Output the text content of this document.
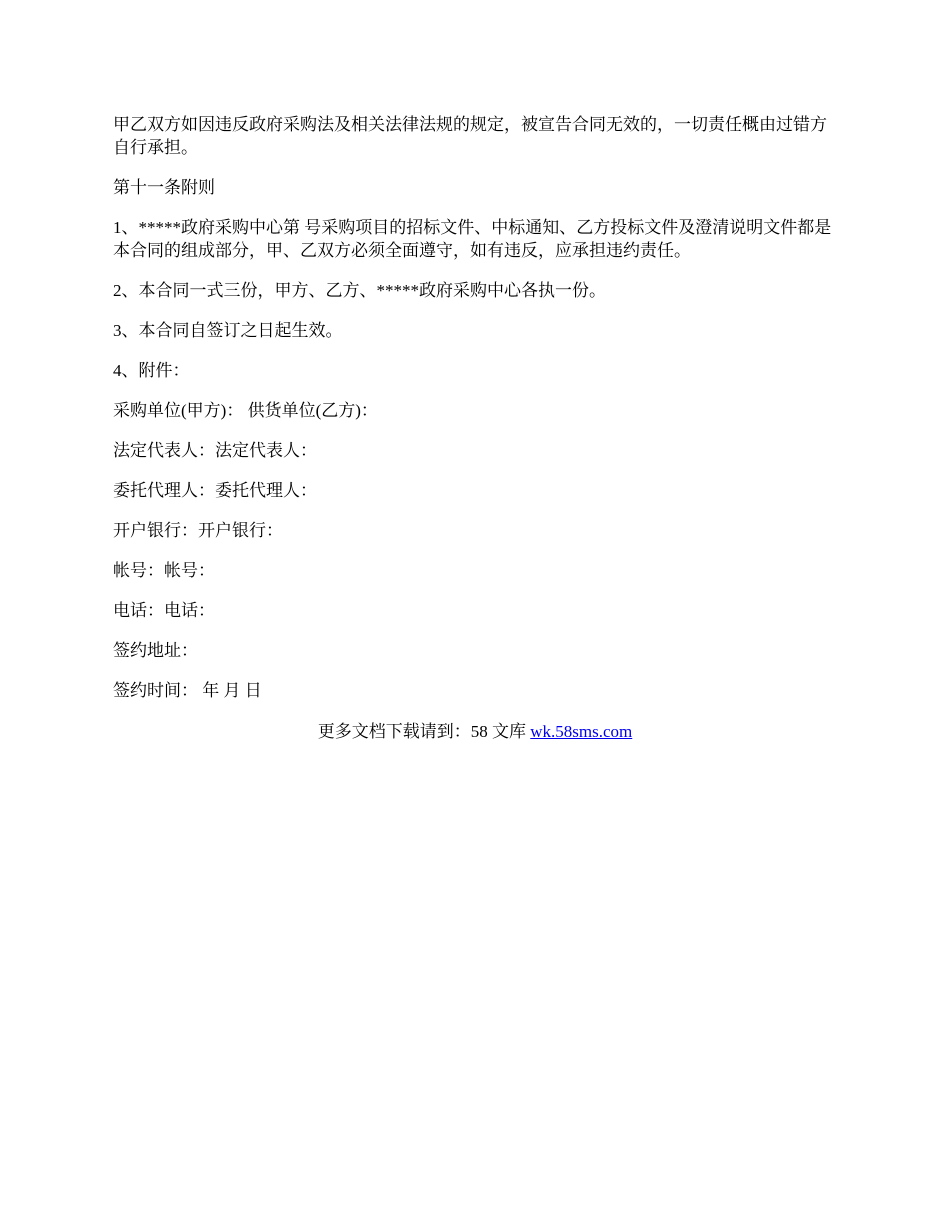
甲乙双方如因违反政府采购法及相关法律法规的规定，被宣告合同无效的，一切责任概由过错方自行承担。

第十一条附则

1、*****政府采购中心第 号采购项目的招标文件、中标通知、乙方投标文件及澄清说明文件都是本合同的组成部分，甲、乙双方必须全面遵守，如有违反，应承担违约责任。

2、本合同一式三份，甲方、乙方、*****政府采购中心各执一份。

3、本合同自签订之日起生效。

4、附件：

采购单位(甲方)： 供货单位(乙方)：

法定代表人：法定代表人：

委托代理人：委托代理人：

开户银行：开户银行：

帐号：帐号：

电话：电话：

签约地址：

签约时间： 年 月 日

更多文档下载请到：58 文库 wk.58sms.com
